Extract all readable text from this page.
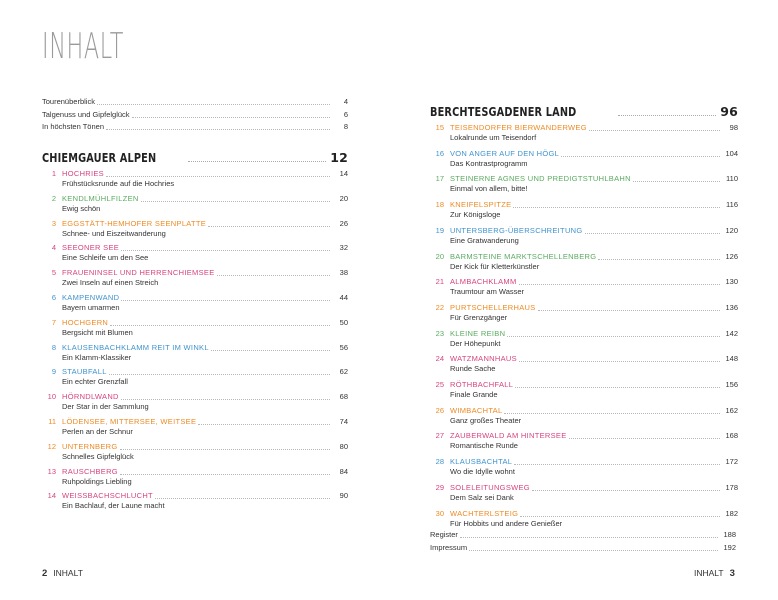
INHALT
Tourenüberblick	4
Talgenuss und Gipfelglück	6
In höchsten Tönen	8
CHIEMGAUER ALPEN	12
1 HOCHRIES	14
Frühstücksrunde auf die Hochries
2 KENDLMÜHLFILZEN	20
Ewig schön
3 EGGSTÄTT-HEMHOFER SEENPLATTE	26
Schnee- und Eiszeitwanderung
4 SEEONER SEE	32
Eine Schleife um den See
5 FRAUENINSEL UND HERRENCHIEMSEE	38
Zwei Inseln auf einen Streich
6 KAMPENWAND	44
Bayern umarmen
7 HOCHGERN	50
Bergsicht mit Blumen
8 KLAUSENBACHKLAMM REIT IM WINKL	56
Ein Klamm-Klassiker
9 STAUBFALL	62
Ein echter Grenzfall
10 HÖRNDLWAND	68
Der Star in der Sammlung
11 LÖDENSEE, MITTERSEE, WEITSEE	74
Perlen an der Schnur
12 UNTERNBERG	80
Schnelles Gipfelglück
13 RAUSCHBERG	84
Ruhpoldings Liebling
14 WEISSBACHSCHLUCHT	90
Ein Bachlauf, der Laune macht
BERCHTESGADENER LAND	96
15 TEISENDORFER BIERWANDERWEG	98
Lokalrunde um Teisendorf
16 VON ANGER AUF DEN HÖGL	104
Das Kontrastprogramm
17 STEINERNE AGNES UND PREDIGTSTUHLBAHN	110
Einmal von allem, bitte!
18 KNEIFELSPITZE	116
Zur Königsloge
19 UNTERSBERG-ÜBERSCHREITUNG	120
Eine Gratwanderung
20 BARMSTEINE MARKTSCHELLENBERG	126
Der Kick für Kletterkünstler
21 ALMBACHKLAMM	130
Traumtour am Wasser
22 PURTSCHELLERHAUS	136
Für Grenzgänger
23 KLEINE REIBN	142
Der Höhepunkt
24 WATZMANNHAUS	148
Runde Sache
25 RÖTHBACHFALL	156
Finale Grande
26 WIMBACHTAL	162
Ganz großes Theater
27 ZAUBERWALD AM HINTERSEE	168
Romantische Runde
28 KLAUSBACHTAL	172
Wo die Idylle wohnt
29 SOLELEITUNGSWEG	178
Dem Salz sei Dank
30 WACHTERLSTEIG	182
Für Hobbits und andere Genießer
Register	188
Impressum	192
2 INHALT	INHALT 3
